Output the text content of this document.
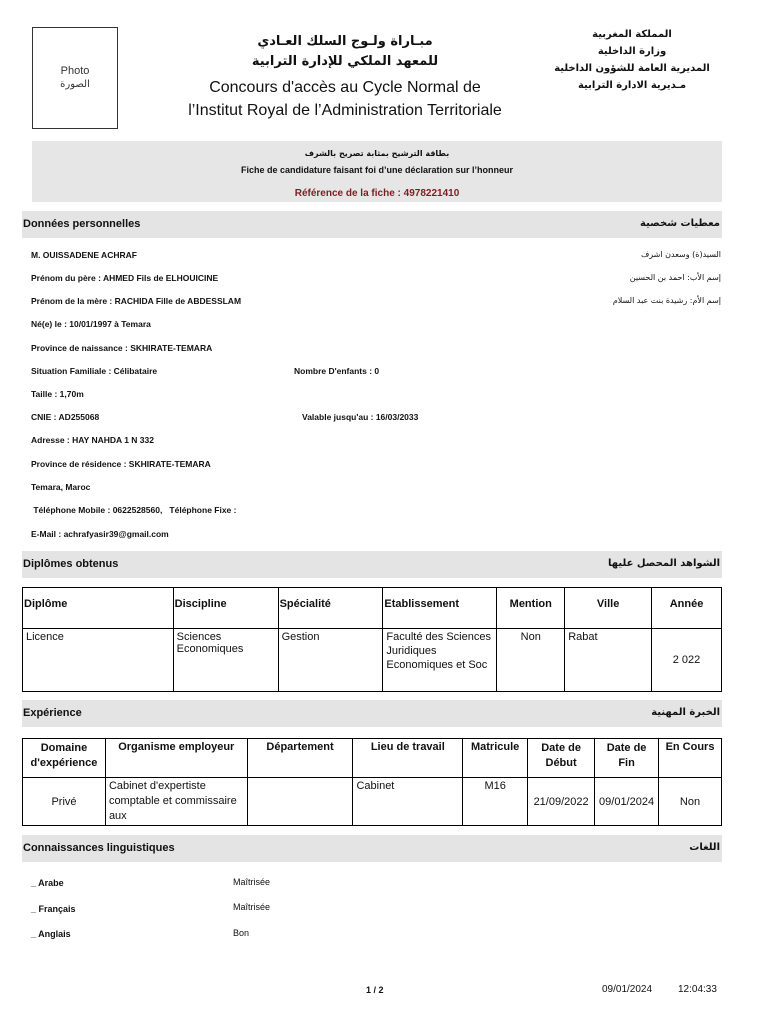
Photo
الصورة
مبـاراة ولـوج السلك العـادي
للمعهد الملكي للإدارة الترابية
Concours d'accès au Cycle Normal de
l’Institut Royal de l’Administration Territoriale
المملكة المغربية
وزارة الداخلية
المديرية العامة للشؤون الداخلية
مـديرية الادارة الترابية
بطاقة الترشيح بمثابة تصريح بالشرف
Fiche de candidature faisant foi d’une déclaration sur l’honneur
Référence de la fiche : 4978221410
Données personnelles	معطيات شخصية
M. OUISSADENE ACHRAF	السيد(ة) وسعدن اشرف
Prénom du père : AHMED Fils de ELHOUICINE	إسم الأب: احمد بن الحسين
Prénom de la mère : RACHIDA Fille de ABDESSLAM	إسم الأم: رشيدة بنت عبد السلام
Né(e) le : 10/01/1997 à Temara
Province de naissance : SKHIRATE-TEMARA
Situation Familiale : Célibataire	Nombre D'enfants : 0
Taille : 1,70m
CNIE : AD255068	Valable jusqu'au : 16/03/2033
Adresse : HAY NAHDA 1 N 332
Province de résidence : SKHIRATE-TEMARA
Temara, Maroc
Téléphone Mobile : 0622528560,   Téléphone Fixe :
E-Mail : achrafyasir39@gmail.com
Diplômes obtenus	الشواهد المحصل عليها
Diplôme	Discipline	Spécialité	Etablissement	Mention	Ville	Année
Licence	Sciences Economiques	Gestion	Faculté des Sciences Juridiques Economiques et Soc	Non	Rabat	2 022
Expérience	الخبرة المهنية
Domaine d'expérience	Organisme employeur	Département	Lieu de travail	Matricule	Date de Début	Date de Fin	En Cours
Privé	Cabinet d'expertiste comptable et commissaire aux		Cabinet	M16	21/09/2022	09/01/2024	Non
Connaissances linguistiques	اللغات
_ Arabe	Maîtrisée
_ Français	Maîtrisée
_ Anglais	Bon
1 / 2	09/01/2024	12:04:33
